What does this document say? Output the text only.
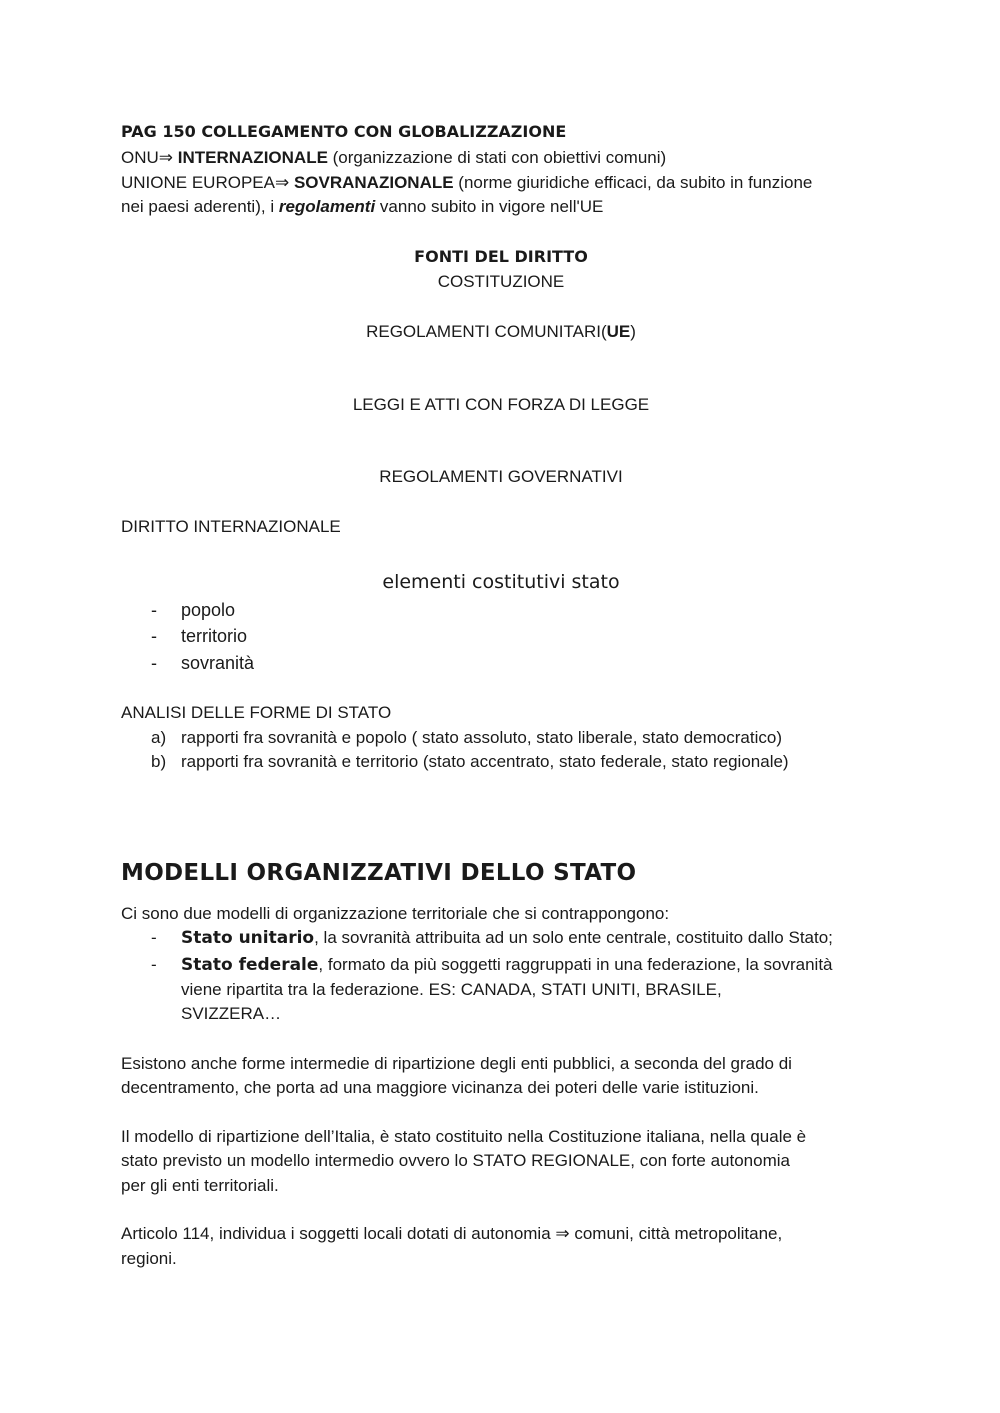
PAG 150 COLLEGAMENTO CON GLOBALIZZAZIONE
ONU⇒ INTERNAZIONALE (organizzazione di stati con obiettivi comuni)
UNIONE EUROPEA⇒ SOVRANAZIONALE (norme giuridiche efficaci, da subito in funzione
nei paesi aderenti), i regolamenti vanno subito in vigore nell'UE
FONTI DEL DIRITTO
COSTITUZIONE
REGOLAMENTI COMUNITARI(UE)
LEGGI E ATTI CON FORZA DI LEGGE
REGOLAMENTI GOVERNATIVI
DIRITTO INTERNAZIONALE
elementi costitutivi stato
- popolo
- territorio
- sovranità
ANALISI DELLE FORME DI STATO
a) rapporti fra sovranità e popolo ( stato assoluto, stato liberale, stato democratico)
b) rapporti fra sovranità e territorio (stato accentrato, stato federale, stato regionale)
MODELLI ORGANIZZATIVI DELLO STATO
Ci sono due modelli di organizzazione territoriale che si contrappongono:
- Stato unitario, la sovranità attribuita ad un solo ente centrale, costituito dallo Stato;
- Stato federale, formato da più soggetti raggruppati in una federazione, la sovranità
viene ripartita tra la federazione. ES: CANADA, STATI UNITI, BRASILE,
SVIZZERA…
Esistono anche forme intermedie di ripartizione degli enti pubblici, a seconda del grado di
decentramento, che porta ad una maggiore vicinanza dei poteri delle varie istituzioni.
Il modello di ripartizione dell’Italia, è stato costituito nella Costituzione italiana, nella quale è
stato previsto un modello intermedio ovvero lo STATO REGIONALE, con forte autonomia
per gli enti territoriali.
Articolo 114, individua i soggetti locali dotati di autonomia ⇒ comuni, città metropolitane,
regioni.
